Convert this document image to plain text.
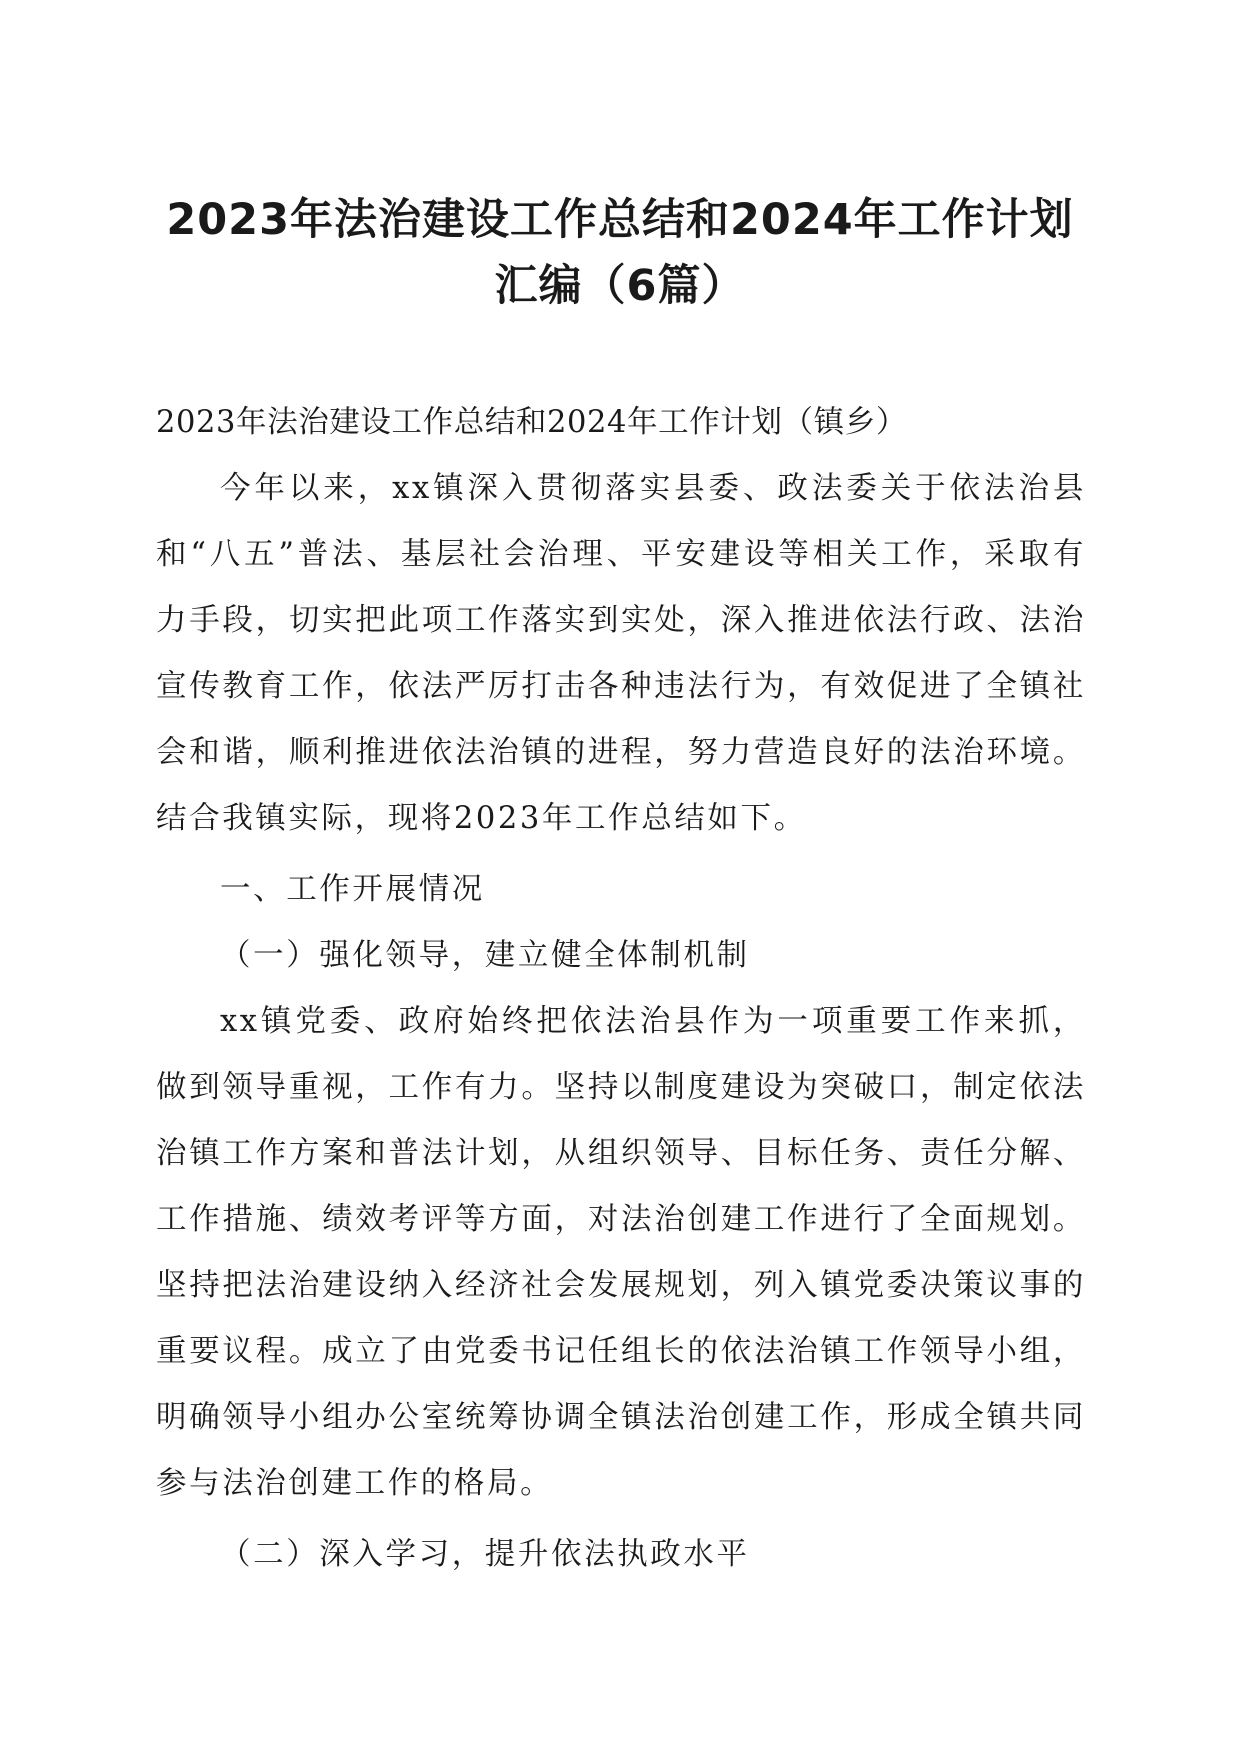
2023年法治建设工作总结和2024年工作计划
汇编（6篇）

2023年法治建设工作总结和2024年工作计划（镇乡）

今年以来，xx镇深入贯彻落实县委、政法委关于依法治县和“八五”普法、基层社会治理、平安建设等相关工作，采取有力手段，切实把此项工作落实到实处，深入推进依法行政、法治宣传教育工作，依法严厉打击各种违法行为，有效促进了全镇社会和谐，顺利推进依法治镇的进程，努力营造良好的法治环境。结合我镇实际，现将2023年工作总结如下。

一、工作开展情况

（一）强化领导，建立健全体制机制

xx镇党委、政府始终把依法治县作为一项重要工作来抓，做到领导重视，工作有力。坚持以制度建设为突破口，制定依法治镇工作方案和普法计划，从组织领导、目标任务、责任分解、工作措施、绩效考评等方面，对法治创建工作进行了全面规划。坚持把法治建设纳入经济社会发展规划，列入镇党委决策议事的重要议程。成立了由党委书记任组长的依法治镇工作领导小组，明确领导小组办公室统筹协调全镇法治创建工作，形成全镇共同参与法治创建工作的格局。

（二）深入学习，提升依法执政水平
